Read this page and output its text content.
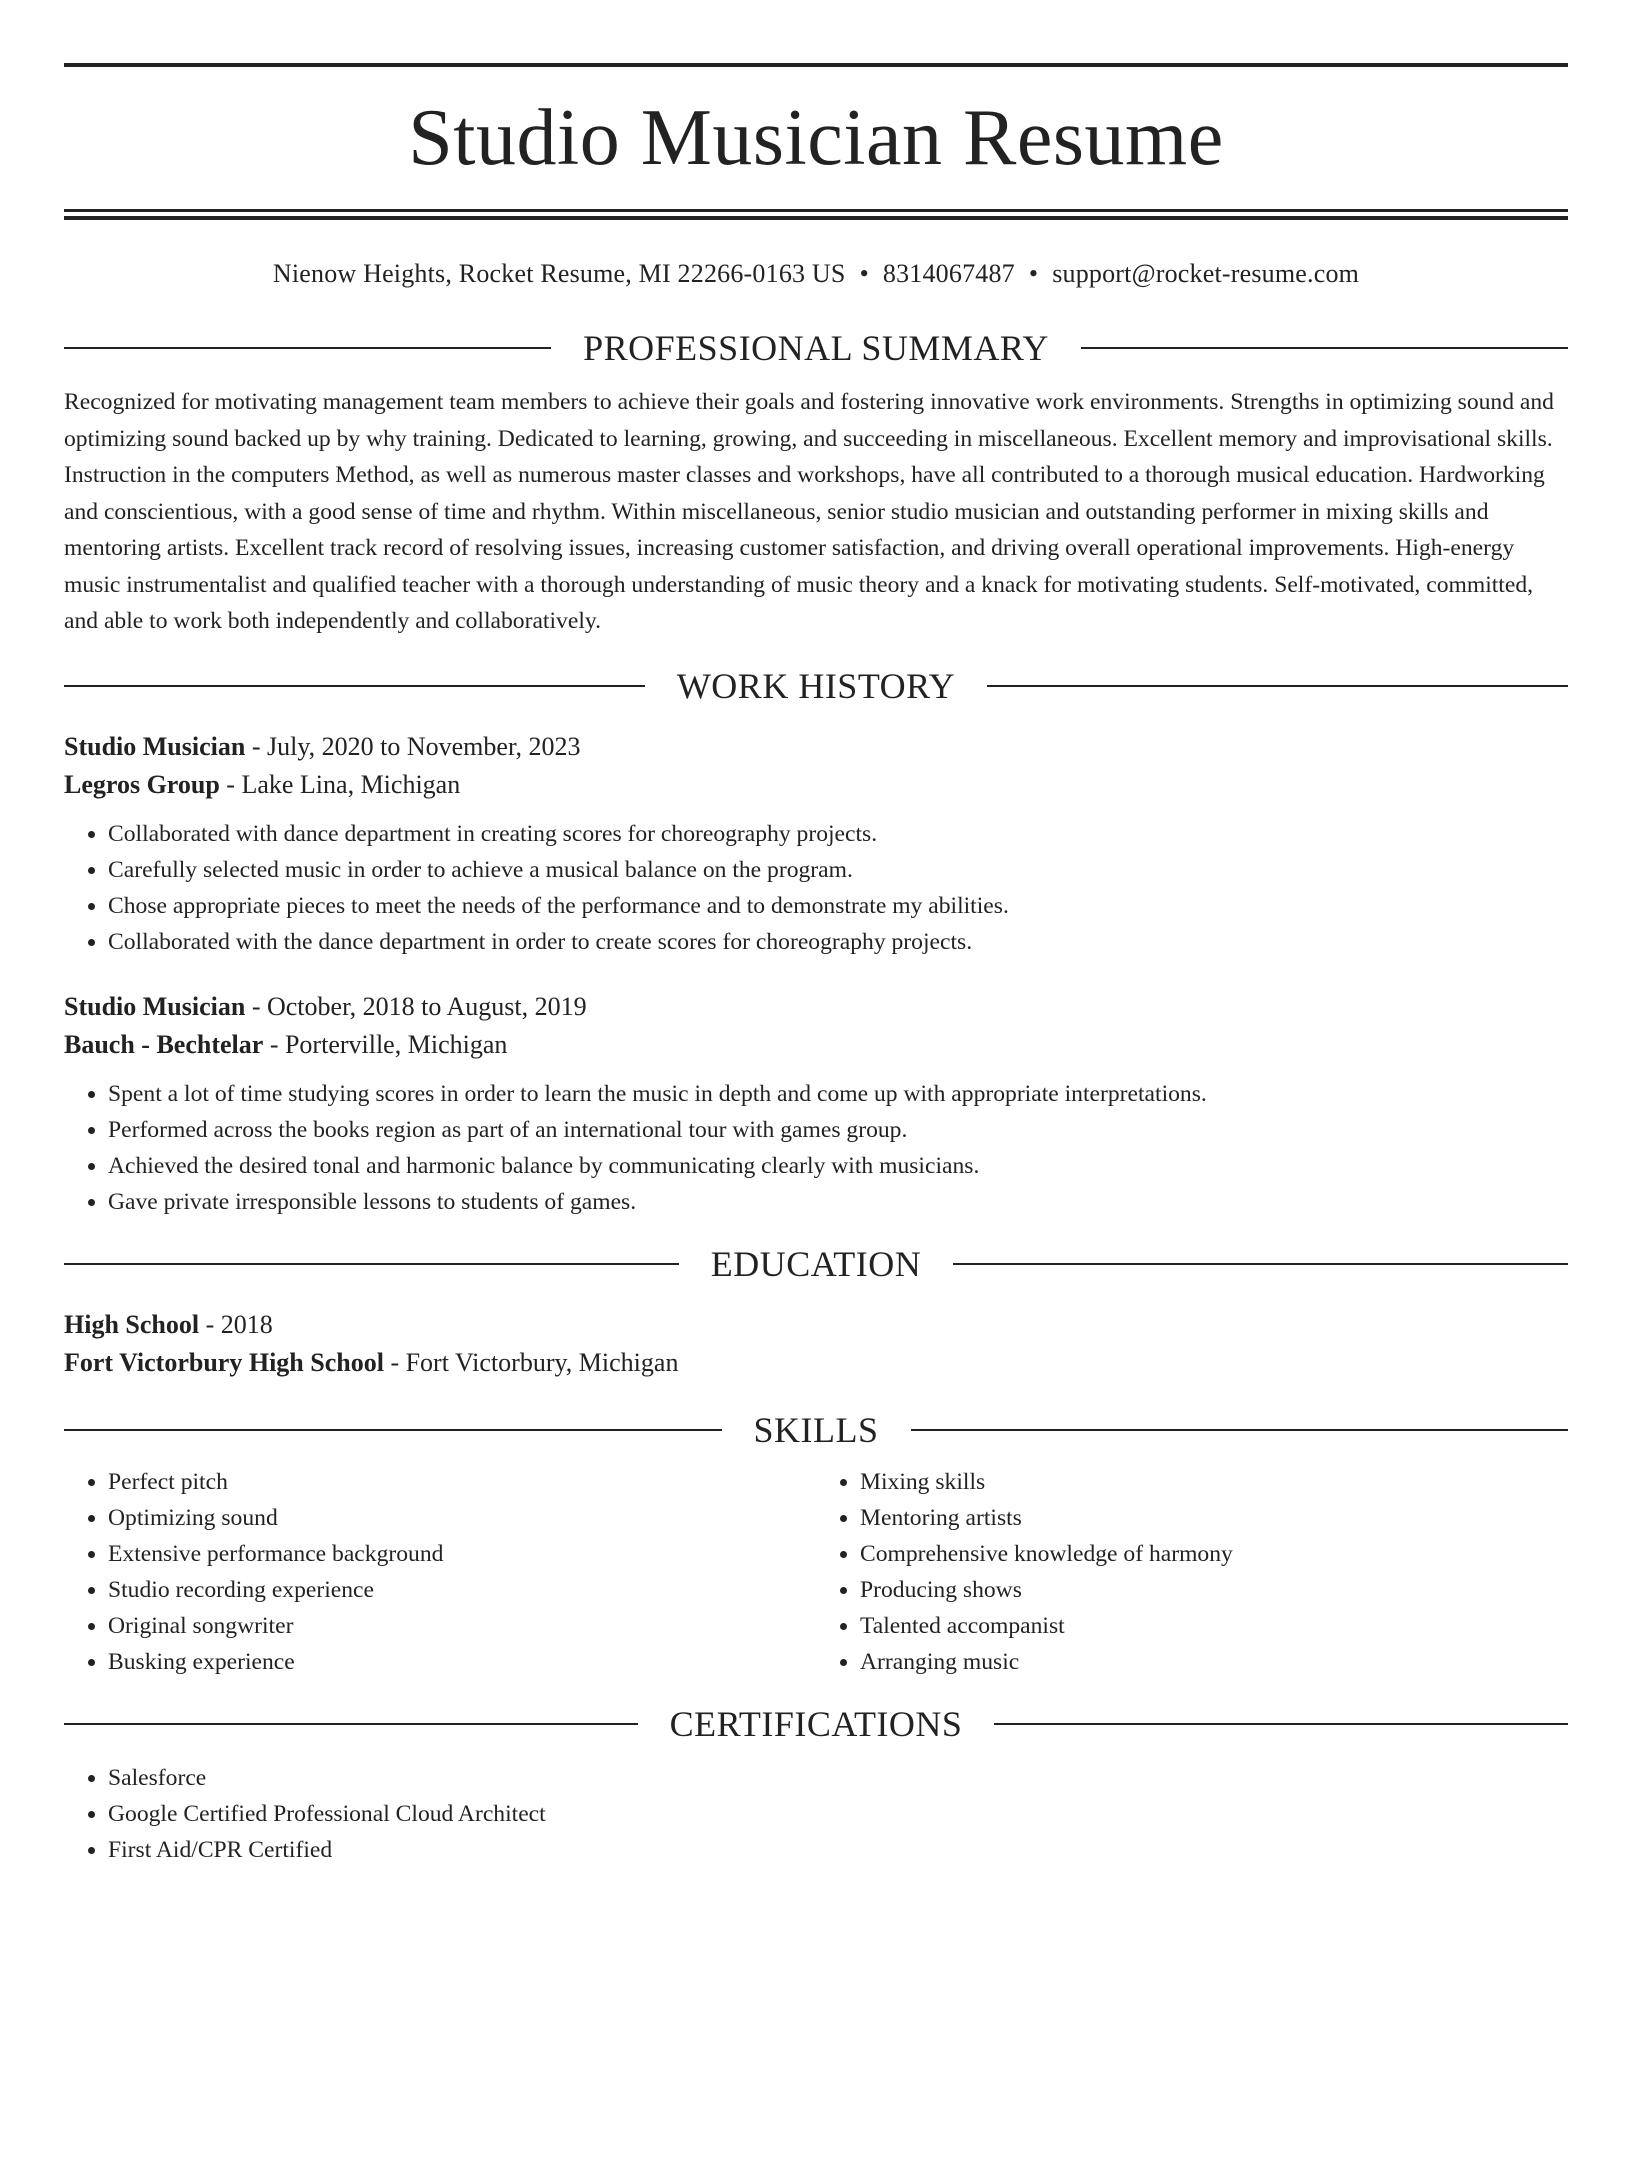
Studio Musician Resume
Nienow Heights, Rocket Resume, MI 22266-0163 US • 8314067487 • support@rocket-resume.com
PROFESSIONAL SUMMARY

Recognized for motivating management team members to achieve their goals and fostering innovative work environments. Strengths in optimizing sound and optimizing sound backed up by why training. Dedicated to learning, growing, and succeeding in miscellaneous. Excellent memory and improvisational skills. Instruction in the computers Method, as well as numerous master classes and workshops, have all contributed to a thorough musical education. Hardworking and conscientious, with a good sense of time and rhythm. Within miscellaneous, senior studio musician and outstanding performer in mixing skills and mentoring artists. Excellent track record of resolving issues, increasing customer satisfaction, and driving overall operational improvements. High-energy music instrumentalist and qualified teacher with a thorough understanding of music theory and a knack for motivating students. Self-motivated, committed, and able to work both independently and collaboratively.

WORK HISTORY
Studio Musician - July, 2020 to November, 2023
Legros Group - Lake Lina, Michigan
• Collaborated with dance department in creating scores for choreography projects.
• Carefully selected music in order to achieve a musical balance on the program.
• Chose appropriate pieces to meet the needs of the performance and to demonstrate my abilities.
• Collaborated with the dance department in order to create scores for choreography projects.
Studio Musician - October, 2018 to August, 2019
Bauch - Bechtelar - Porterville, Michigan
• Spent a lot of time studying scores in order to learn the music in depth and come up with appropriate interpretations.
• Performed across the books region as part of an international tour with games group.
• Achieved the desired tonal and harmonic balance by communicating clearly with musicians.
• Gave private irresponsible lessons to students of games.
EDUCATION
High School - 2018
Fort Victorbury High School - Fort Victorbury, Michigan
SKILLS
• Perfect pitch
• Optimizing sound
• Extensive performance background
• Studio recording experience
• Original songwriter
• Busking experience
• Mixing skills
• Mentoring artists
• Comprehensive knowledge of harmony
• Producing shows
• Talented accompanist
• Arranging music
CERTIFICATIONS
• Salesforce
• Google Certified Professional Cloud Architect
• First Aid/CPR Certified
